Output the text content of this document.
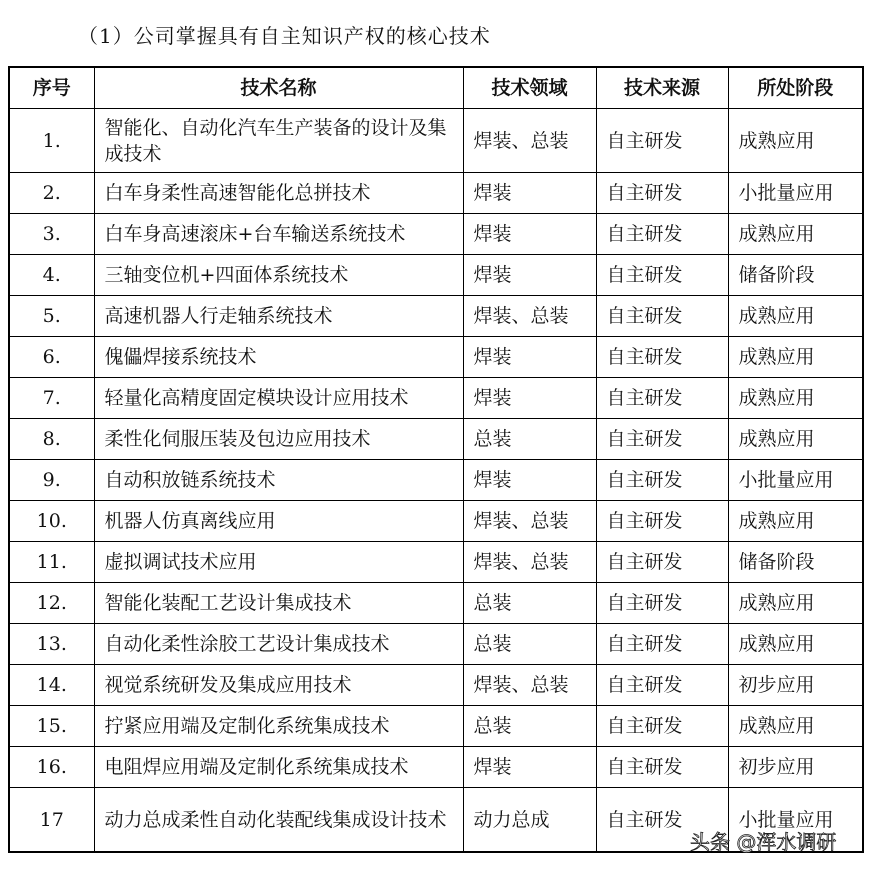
（1）公司掌握具有自主知识产权的核心技术
序号	技术名称	技术领域	技术来源	所处阶段
1.	智能化、自动化汽车生产装备的设计及集成技术	焊装、总装	自主研发	成熟应用
2.	白车身柔性高速智能化总拼技术	焊装	自主研发	小批量应用
3.	白车身高速滚床+台车输送系统技术	焊装	自主研发	成熟应用
4.	三轴变位机+四面体系统技术	焊装	自主研发	储备阶段
5.	高速机器人行走轴系统技术	焊装、总装	自主研发	成熟应用
6.	傀儡焊接系统技术	焊装	自主研发	成熟应用
7.	轻量化高精度固定模块设计应用技术	焊装	自主研发	成熟应用
8.	柔性化伺服压装及包边应用技术	总装	自主研发	成熟应用
9.	自动积放链系统技术	焊装	自主研发	小批量应用
10.	机器人仿真离线应用	焊装、总装	自主研发	成熟应用
11.	虚拟调试技术应用	焊装、总装	自主研发	储备阶段
12.	智能化装配工艺设计集成技术	总装	自主研发	成熟应用
13.	自动化柔性涂胶工艺设计集成技术	总装	自主研发	成熟应用
14.	视觉系统研发及集成应用技术	焊装、总装	自主研发	初步应用
15.	拧紧应用端及定制化系统集成技术	总装	自主研发	成熟应用
16.	电阻焊应用端及定制化系统集成技术	焊装	自主研发	初步应用
17	动力总成柔性自动化装配线集成设计技术	动力总成	自主研发	小批量应用
头条 @浑水调研
